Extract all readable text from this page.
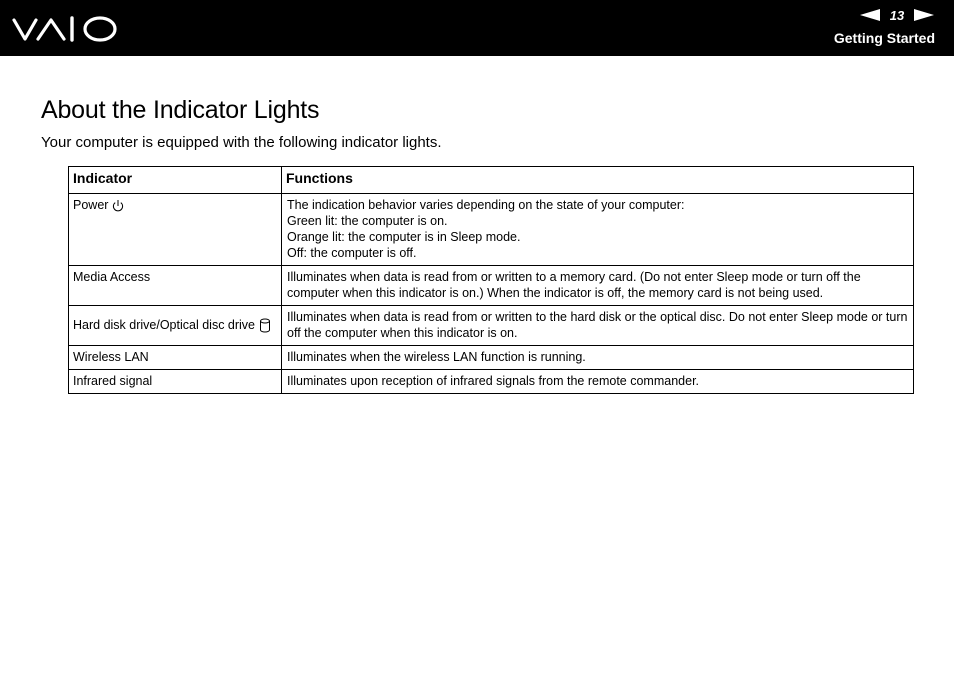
13
Getting Started
About the Indicator Lights

Your computer is equipped with the following indicator lights.

Indicator	Functions

Power	The indication behavior varies depending on the state of your computer:
Green lit: the computer is on.
Orange lit: the computer is in Sleep mode.
Off: the computer is off.

Media Access	Illuminates when data is read from or written to a memory card. (Do not enter Sleep mode or turn off the computer when this indicator is on.) When the indicator is off, the memory card is not being used.

Hard disk drive/Optical disc drive	Illuminates when data is read from or written to the hard disk or the optical disc. Do not enter Sleep mode or turn off the computer when this indicator is on.
Wireless LAN	Illuminates when the wireless LAN function is running.
Infrared signal	Illuminates upon reception of infrared signals from the remote commander.
